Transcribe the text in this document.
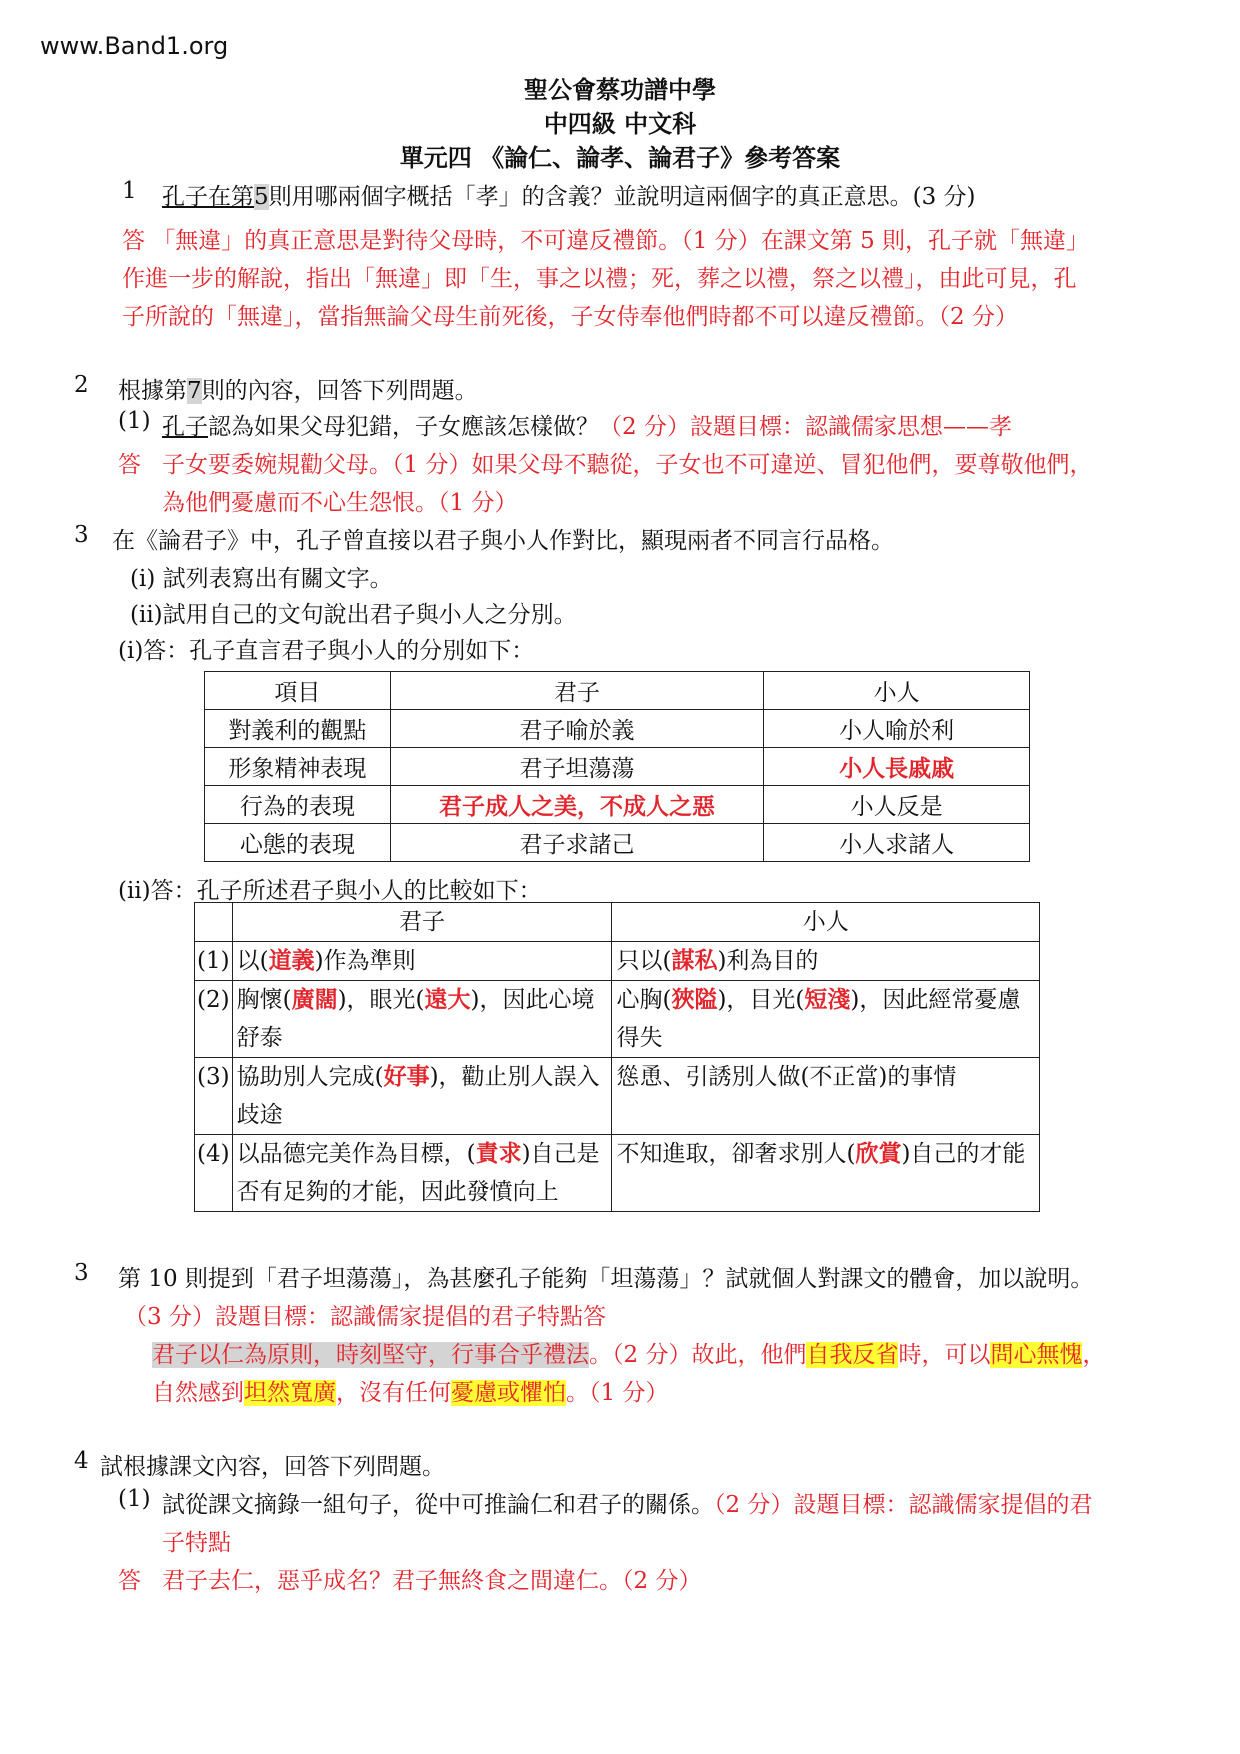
www.Band1.org
聖公會蔡功譜中學
中四級 中文科
單元四 《論仁、論孝、論君子》參考答案
1 孔子在第5則用哪兩個字概括「孝」的含義？並說明這兩個字的真正意思。(3 分)
答 「無違」的真正意思是對待父母時，不可違反禮節。（1 分）在課文第 5 則，孔子就「無違」
作進一步的解說，指出「無違」即「生，事之以禮；死，葬之以禮，祭之以禮」，由此可見，孔
子所說的「無違」，當指無論父母生前死後，子女侍奉他們時都不可以違反禮節。（2 分）
2 根據第7則的內容，回答下列問題。
(1) 孔子認為如果父母犯錯，子女應該怎樣做？（2 分）設題目標：認識儒家思想——孝
答 子女要委婉規勸父母。（1 分）如果父母不聽從，子女也不可違逆、冒犯他們，要尊敬他們，
為他們憂慮而不心生怨恨。（1 分）
3 在《論君子》中，孔子曾直接以君子與小人作對比，顯現兩者不同言行品格。
(i) 試列表寫出有關文字。
(ii)試用自己的文句說出君子與小人之分別。
(i)答：孔子直言君子與小人的分別如下：
項目	君子	小人
對義利的觀點	君子喻於義	小人喻於利
形象精神表現	君子坦蕩蕩	小人長戚戚
行為的表現	君子成人之美，不成人之惡	小人反是
心態的表現	君子求諸己	小人求諸人
(ii)答：孔子所述君子與小人的比較如下：
	君子	小人
(1)	以(道義)作為準則	只以(謀私)利為目的
(2)	胸懷(廣闊)，眼光(遠大)，因此心境舒泰	心胸(狹隘)，目光(短淺)，因此經常憂慮得失
(3)	協助別人完成(好事)，勸止別人誤入歧途	慫恿、引誘別人做(不正當)的事情
(4)	以品德完美作為目標，(責求)自己是否有足夠的才能，因此發憤向上	不知進取，卻奢求別人(欣賞)自己的才能
3 第 10 則提到「君子坦蕩蕩」，為甚麼孔子能夠「坦蕩蕩」？試就個人對課文的體會，加以說明。
（3 分）設題目標：認識儒家提倡的君子特點答
君子以仁為原則，時刻堅守，行事合乎禮法。（2 分）故此，他們自我反省時，可以問心無愧，
自然感到坦然寬廣，沒有任何憂慮或懼怕。（1 分）
4 試根據課文內容，回答下列問題。
(1) 試從課文摘錄一組句子，從中可推論仁和君子的關係。（2 分）設題目標：認識儒家提倡的君
子特點
答 君子去仁，惡乎成名？君子無終食之間違仁。（2 分）
